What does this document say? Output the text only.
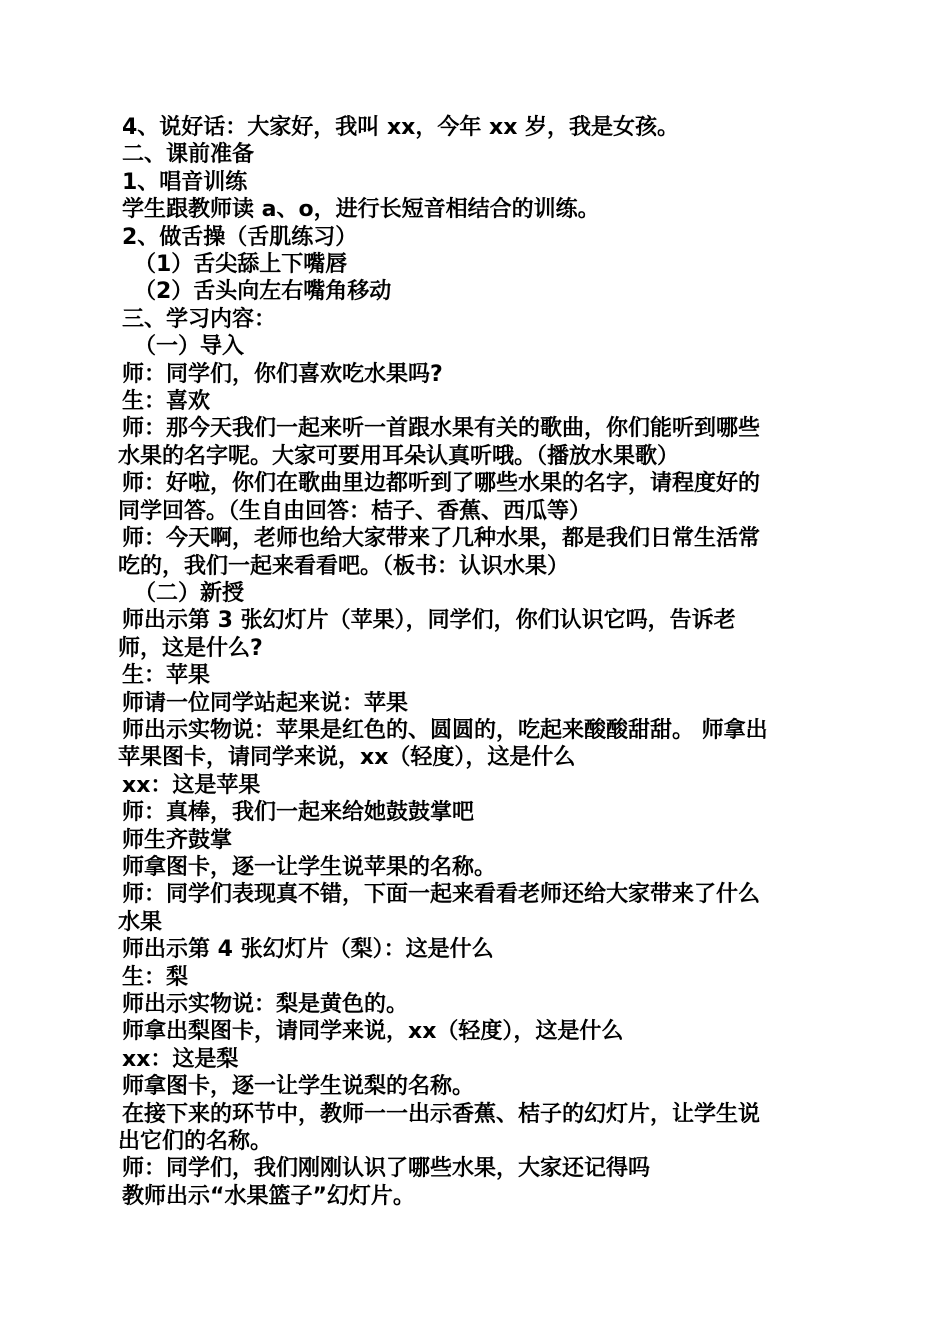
4、说好话：大家好，我叫 xx，今年 xx 岁，我是女孩。
二、课前准备
1、唱音训练
学生跟教师读 a、o，进行长短音相结合的训练。
2、做舌操（舌肌练习）
（1）舌尖舔上下嘴唇
（2）舌头向左右嘴角移动
三、学习内容：
（一）导入
师：同学们，你们喜欢吃水果吗?
生：喜欢
师：那今天我们一起来听一首跟水果有关的歌曲，你们能听到哪些
水果的名字呢。大家可要用耳朵认真听哦。（播放水果歌）
师：好啦，你们在歌曲里边都听到了哪些水果的名字，请程度好的
同学回答。（生自由回答：桔子、香蕉、西瓜等）
师：今天啊，老师也给大家带来了几种水果，都是我们日常生活常
吃的，我们一起来看看吧。（板书：认识水果）
（二）新授
师出示第 3 张幻灯片（苹果），同学们，你们认识它吗，告诉老
师，这是什么?
生：苹果
师请一位同学站起来说：苹果
师出示实物说：苹果是红色的、圆圆的，吃起来酸酸甜甜。 师拿出
苹果图卡，请同学来说，xx（轻度），这是什么
xx：这是苹果
师：真棒，我们一起来给她鼓鼓掌吧
师生齐鼓掌
师拿图卡，逐一让学生说苹果的名称。
师：同学们表现真不错，下面一起来看看老师还给大家带来了什么
水果
师出示第 4 张幻灯片（梨）：这是什么
生：梨
师出示实物说：梨是黄色的。
师拿出梨图卡，请同学来说，xx（轻度），这是什么
xx：这是梨
师拿图卡，逐一让学生说梨的名称。
在接下来的环节中，教师一一出示香蕉、桔子的幻灯片，让学生说
出它们的名称。
师：同学们，我们刚刚认识了哪些水果，大家还记得吗
教师出示“水果篮子”幻灯片。
